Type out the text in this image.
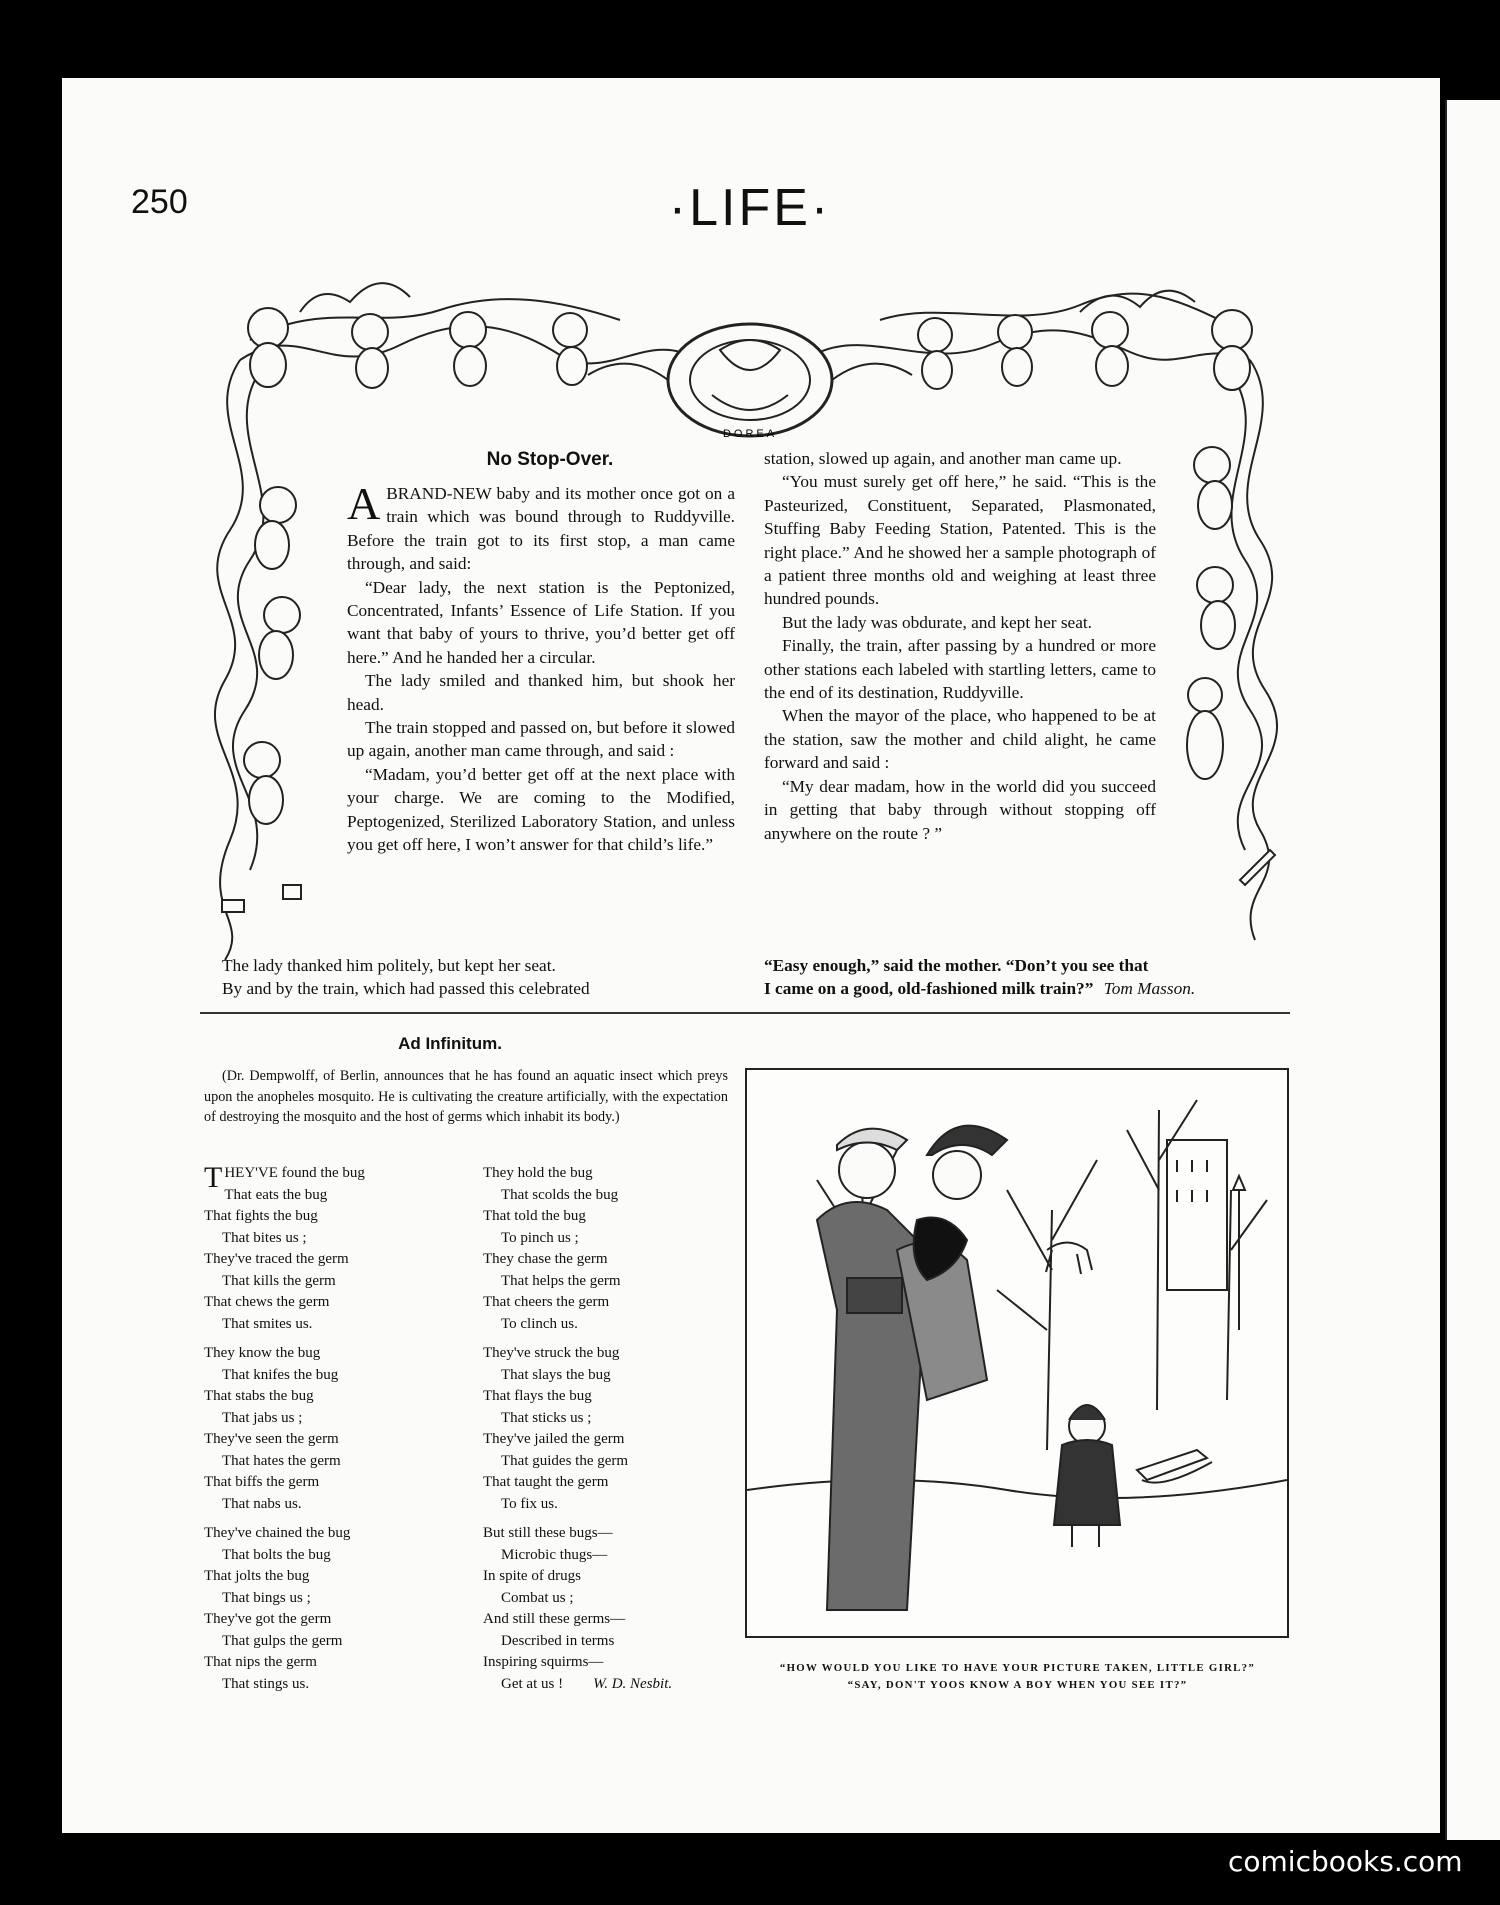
250	·LIFE·
DOREA
No Stop-Over.

ABRAND-NEW baby and its mother once got on a train which was bound through to Ruddyville. Before the train got to its first stop, a man came through, and said:

“Dear lady, the next station is the Peptonized, Concentrated, Infants’ Essence of Life Station. If you want that baby of yours to thrive, you’d better get off here.” And he handed her a circular.

The lady smiled and thanked him, but shook her head.

The train stopped and passed on, but before it slowed up again, another man came through, and said :

“Madam, you’d better get off at the next place with your charge. We are coming to the Modified, Peptogenized, Sterilized Laboratory Station, and unless you get off here, I won’t answer for that child’s life.”

The lady thanked him politely, but kept her seat.
By and by the train, which had passed this celebrated

station, slowed up again, and another man came up.

“You must surely get off here,” he said. “This is the Pasteurized, Constituent, Separated, Plasmonated, Stuffing Baby Feeding Station, Patented. This is the right place.” And he showed her a sample photograph of a patient three months old and weighing at least three hundred pounds.

But the lady was obdurate, and kept her seat.

Finally, the train, after passing by a hundred or more other stations each labeled with startling letters, came to the end of its destination, Ruddyville.

When the mayor of the place, who happened to be at the station, saw the mother and child alight, he came forward and said :

“My dear madam, how in the world did you succeed in getting that baby through without stopping off anywhere on the route ? ”

“Easy enough,” said the mother. “Don’t you see that
I came on a good, old-fashioned milk train?” Tom Masson.
Ad Infinitum.
(Dr. Dempwolff, of Berlin, announces that he has found an aquatic insect which preys upon the anopheles mosquito. He is cultivating the creature artificially, with the expectation of destroying the mosquito and the host of germs which inhabit its body.)
THEY'VE found the bug
That eats the bug
That fights the bug
That bites us ;
They've traced the germ
That kills the germ
That chews the germ
That smites us.
They know the bug
That knifes the bug
That stabs the bug
That jabs us ;
They've seen the germ
That hates the germ
That biffs the germ
That nabs us.
They've chained the bug
That bolts the bug
That jolts the bug
That bings us ;
They've got the germ
That gulps the germ
That nips the germ
That stings us.
They hold the bug
That scolds the bug
That told the bug
To pinch us ;
They chase the germ
That helps the germ
That cheers the germ
To clinch us.
They've struck the bug
That slays the bug
That flays the bug
That sticks us ;
They've jailed the germ
That guides the germ
That taught the germ
To fix us.
But still these bugs—
Microbic thugs—
In spite of drugs
Combat us ;
And still these germs—
Described in terms
Inspiring squirms—
Get at us ! W. D. Nesbit.
“HOW WOULD YOU LIKE TO HAVE YOUR PICTURE TAKEN, LITTLE GIRL?”
“SAY, DON'T YOOS KNOW A BOY WHEN YOU SEE IT?”
comicbooks.com
